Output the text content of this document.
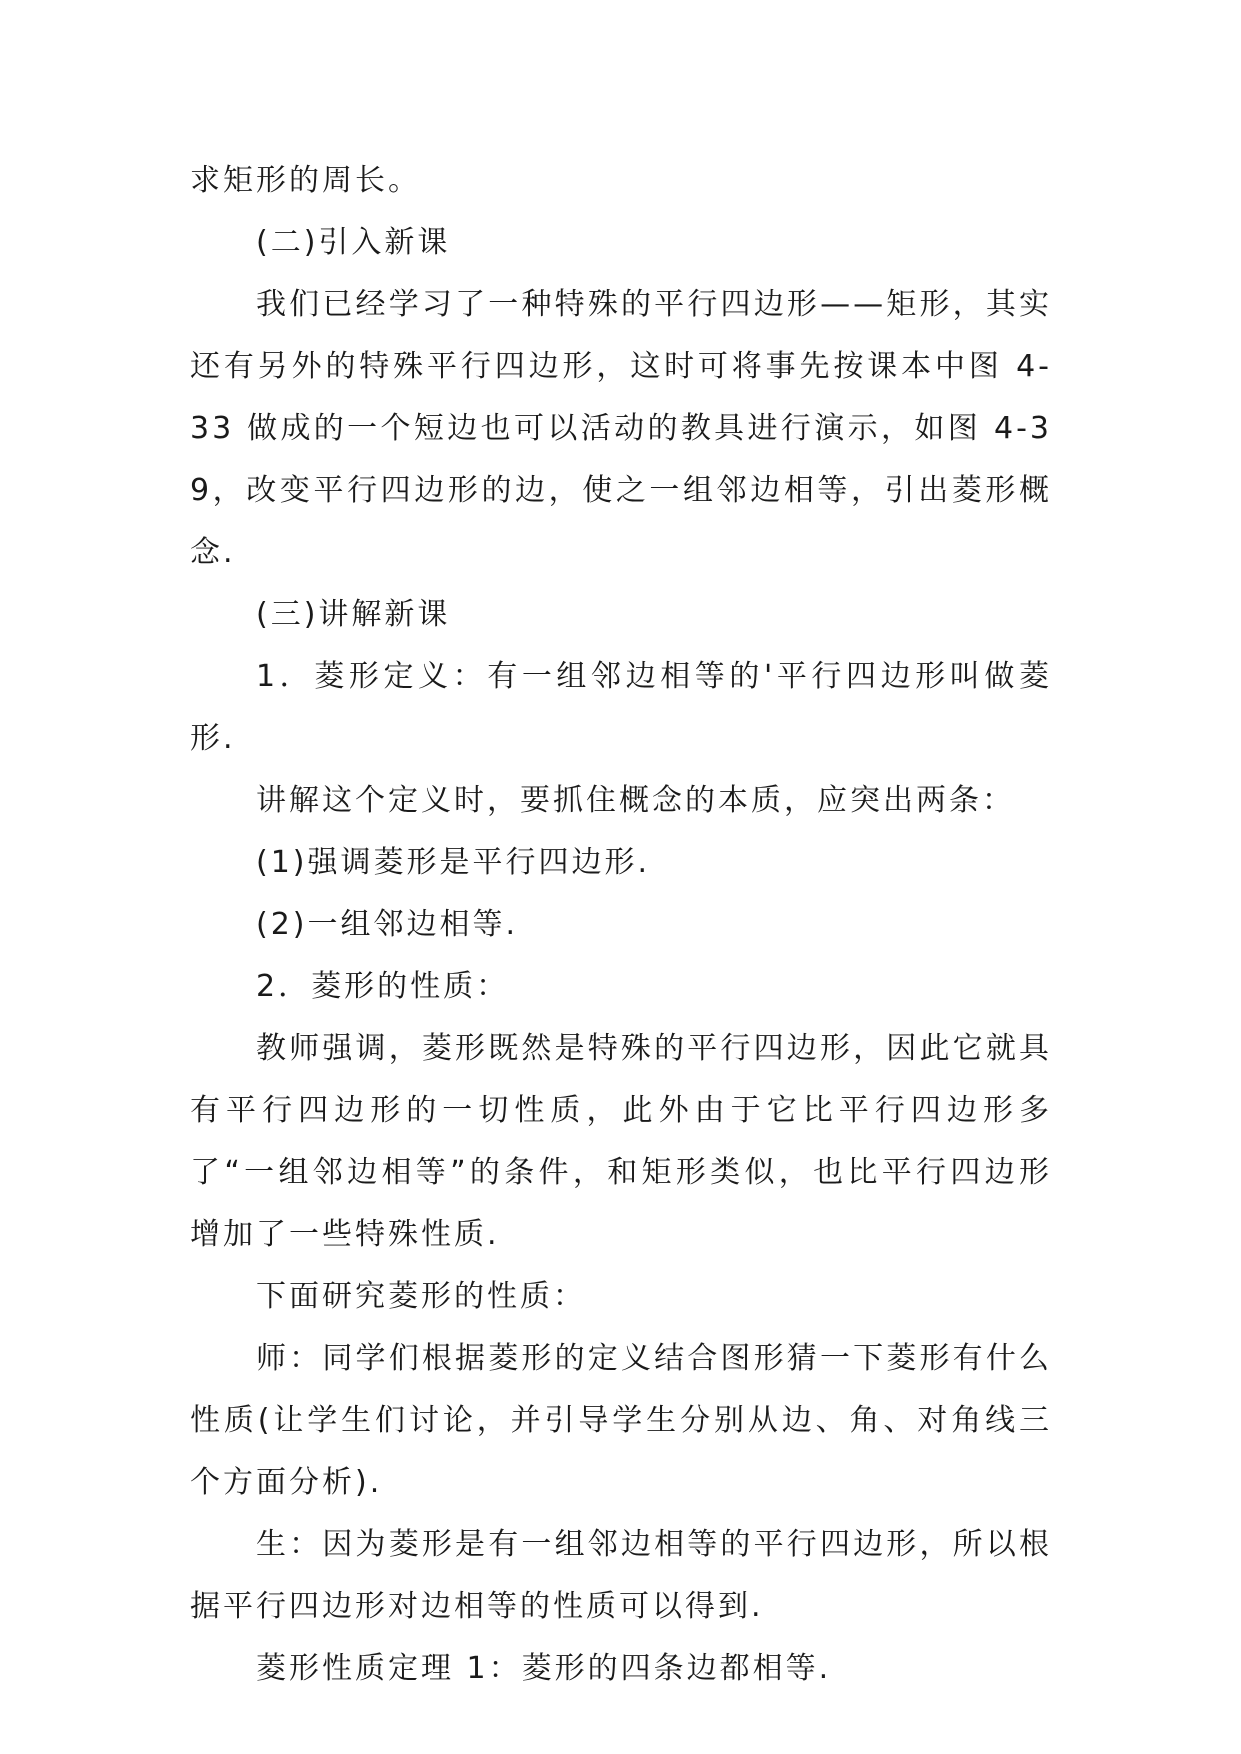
求矩形的周长。

(二)引入新课

我们已经学习了一种特殊的平行四边形——矩形，其实还有另外的特殊平行四边形，这时可将事先按课本中图 4-33 做成的一个短边也可以活动的教具进行演示，如图 4-39，改变平行四边形的边，使之一组邻边相等，引出菱形概念.

(三)讲解新课

1．菱形定义：有一组邻边相等的'平行四边形叫做菱形.

讲解这个定义时，要抓住概念的本质，应突出两条：

(1)强调菱形是平行四边形.

(2)一组邻边相等.

2．菱形的性质：

教师强调，菱形既然是特殊的平行四边形，因此它就具有平行四边形的一切性质，此外由于它比平行四边形多了“一组邻边相等”的条件，和矩形类似，也比平行四边形增加了一些特殊性质.

下面研究菱形的性质：

师：同学们根据菱形的定义结合图形猜一下菱形有什么性质(让学生们讨论，并引导学生分别从边、角、对角线三个方面分析).

生：因为菱形是有一组邻边相等的平行四边形，所以根据平行四边形对边相等的性质可以得到.

菱形性质定理 1：菱形的四条边都相等.
